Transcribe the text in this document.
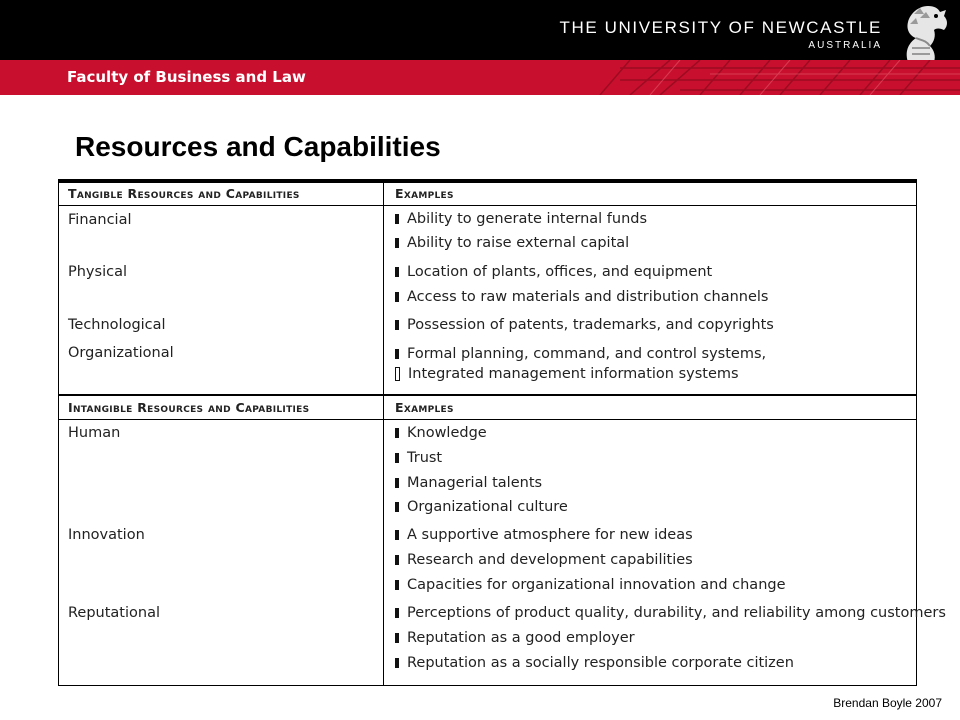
THE UNIVERSITY OF NEWCASTLE
AUSTRALIA
Faculty of Business and Law
Resources and Capabilities
Tangible Resources and Capabilities	Examples
Intangible Resources and Capabilities	Examples
Financial
Physical
Technological
Organizational
Ability to generate internal funds
Ability to raise external capital
Location of plants, offices, and equipment
Access to raw materials and distribution channels
Possession of patents, trademarks, and copyrights
Formal planning, command, and control systems,
Integrated management information systems
Human
Innovation
Reputational
Knowledge
Trust
Managerial talents
Organizational culture
A supportive atmosphere for new ideas
Research and development capabilities
Capacities for organizational innovation and change
Perceptions of product quality, durability, and reliability among customers
Reputation as a good employer
Reputation as a socially responsible corporate citizen
Brendan Boyle 2007
